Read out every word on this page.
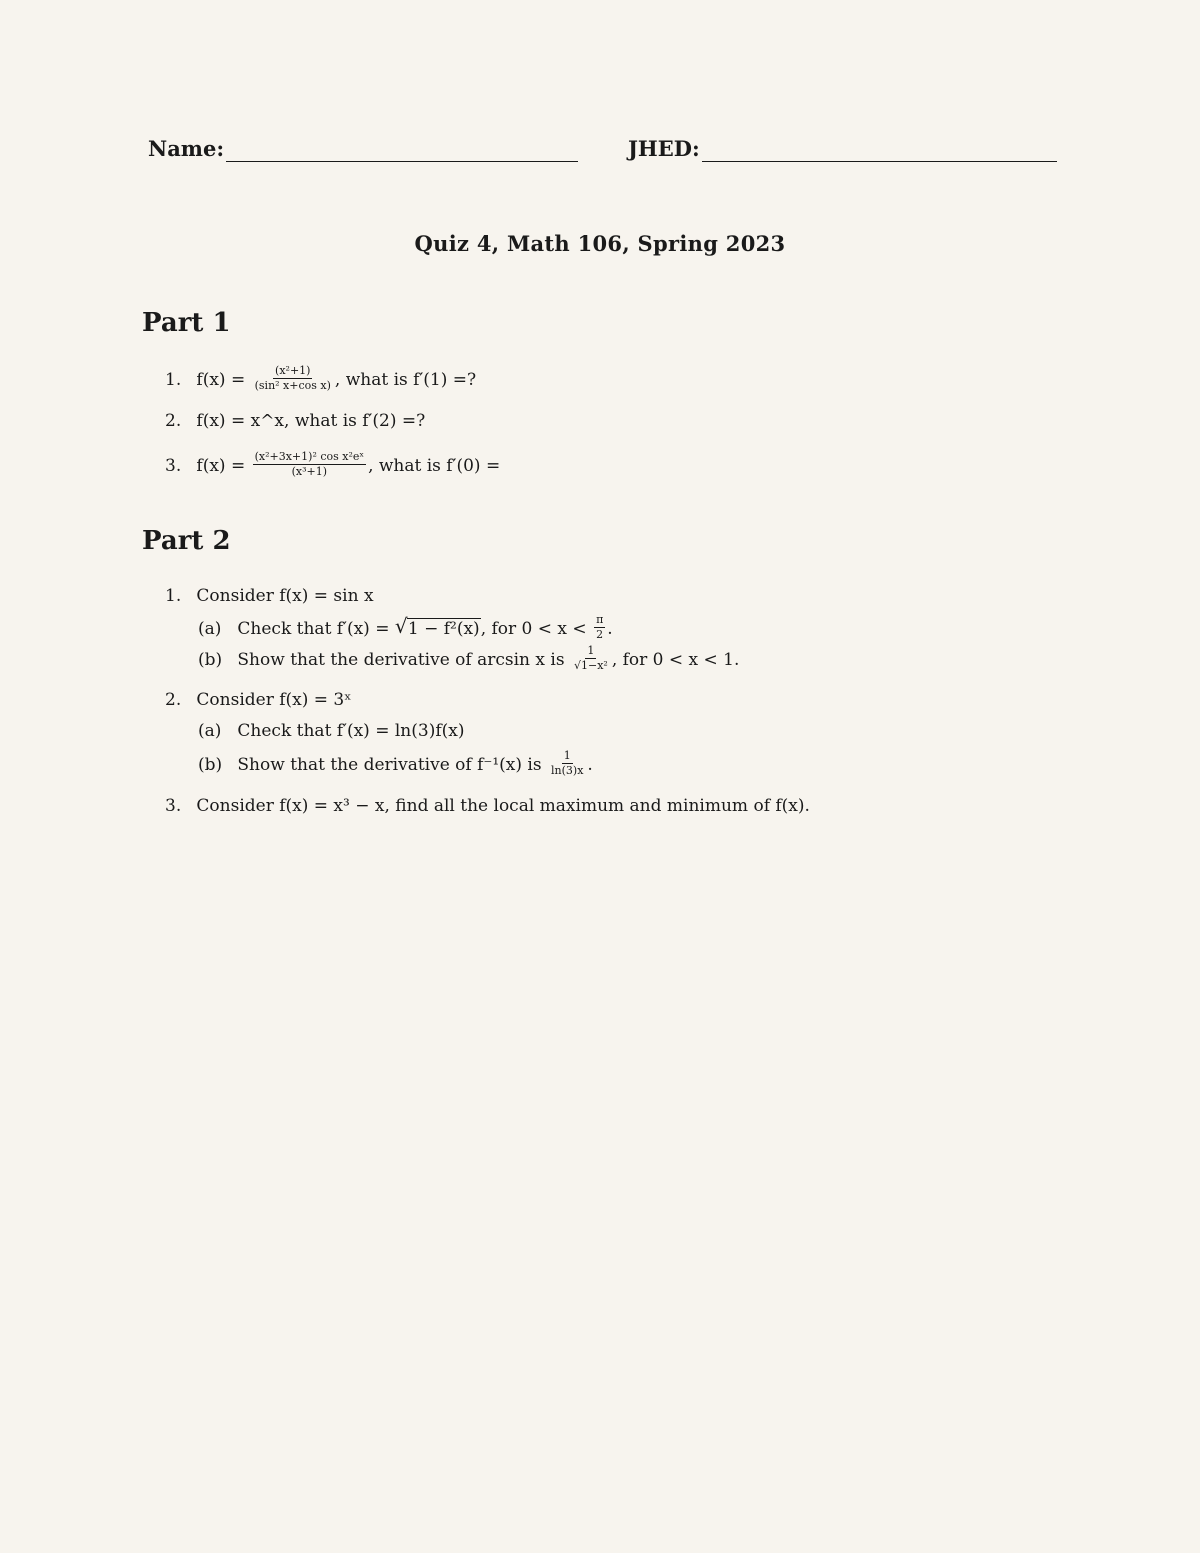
Name:	JHED:
Quiz 4, Math 106, Spring 2023
Part 1
1. $f(x) = \frac{\text{(x²+1)}}{\text{(sin² x+cos x)}}$ , what is f′(1) =?
2. f(x) = x^x, what is f′(2) =?
3. $f(x) = \frac{\text{(x²+3x+1)² cos x²eˣ}}{\text{(x³+1)}}$ , what is f′(0) =
Part 2
1. Consider f(x) = sin x
(a) Check that f′(x) = √ 1 − f²(x), for $0 < x < \frac{\pi}{2}$ .
(b) Show that the derivative of arcsin x is $\frac{1}{\text{√1−x²}}$ , for 0 < x < 1.
2. Consider f(x) = 3ˣ
(a) Check that f′(x) = ln(3)f(x)
(b) Show that the derivative of f⁻¹(x) is $\frac{1}{\ln(3)x}$ .
3. Consider f(x) = x³ − x, find all the local maximum and minimum of f(x).
